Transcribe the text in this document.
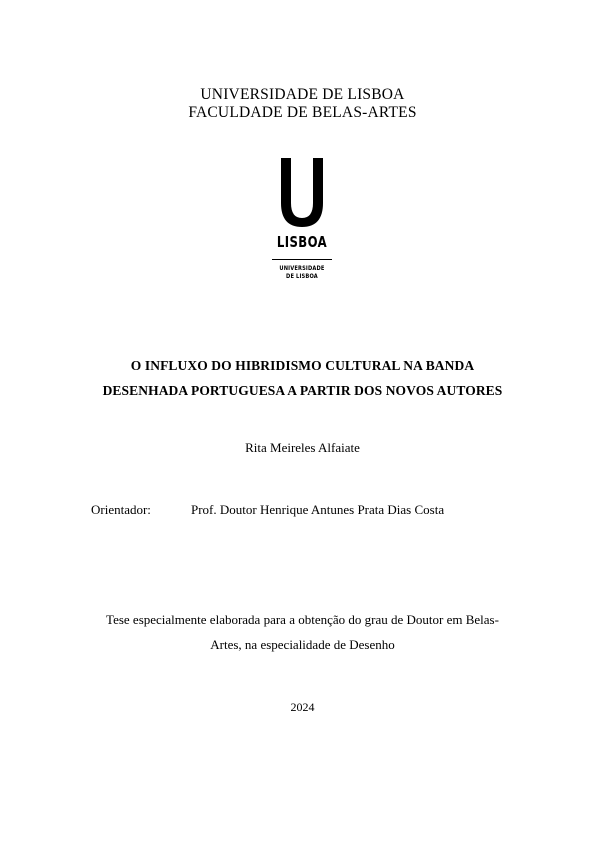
UNIVERSIDADE DE LISBOA
FACULDADE DE BELAS-ARTES
LISBOA
UNIVERSIDADE
DE LISBOA
O INFLUXO DO HIBRIDISMO CULTURAL NA BANDA
DESENHADA PORTUGUESA A PARTIR DOS NOVOS AUTORES
Rita Meireles Alfaiate
Orientador:	Prof. Doutor Henrique Antunes Prata Dias Costa
Tese especialmente elaborada para a obtenção do grau de Doutor em Belas-
Artes, na especialidade de Desenho
2024
